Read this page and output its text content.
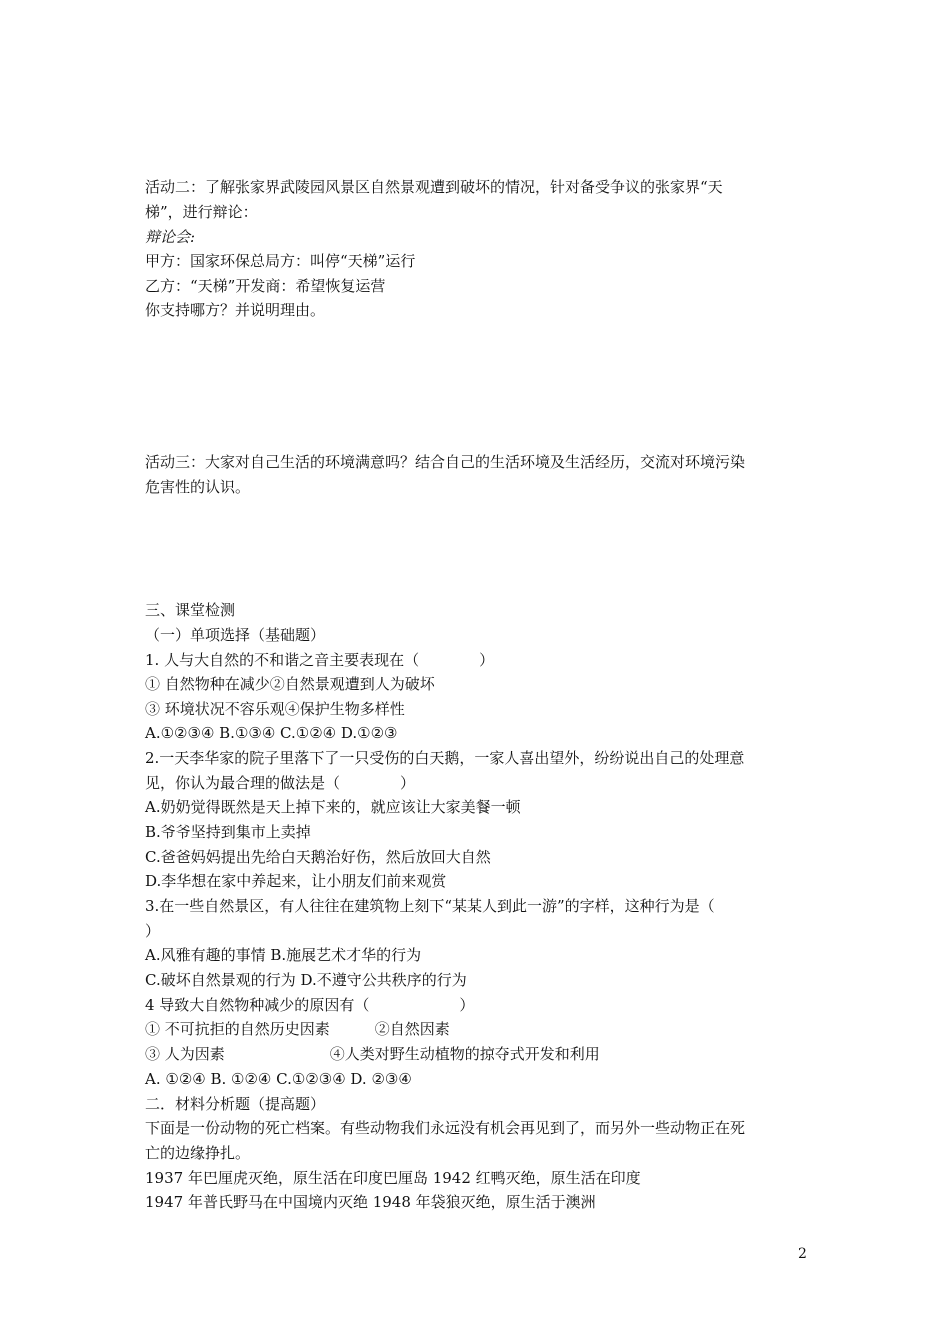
活动二：了解张家界武陵园风景区自然景观遭到破坏的情况，针对备受争议的张家界“天

梯”，进行辩论：

辩论会:

甲方：国家环保总局方：叫停“天梯”运行

乙方：“天梯”开发商：希望恢复运营

你支持哪方？并说明理由。

活动三：大家对自己生活的环境满意吗？结合自己的生活环境及生活经历，交流对环境污染

危害性的认识。

三、课堂检测

（一）单项选择（基础题）

1. 人与大自然的不和谐之音主要表现在（　　　　）

① 自然物种在减少②自然景观遭到人为破坏

③ 环境状况不容乐观④保护生物多样性

A.①②③④ B.①③④ C.①②④ D.①②③

2.一天李华家的院子里落下了一只受伤的白天鹅，一家人喜出望外，纷纷说出自己的处理意

见，你认为最合理的做法是（　　　　）

A.奶奶觉得既然是天上掉下来的，就应该让大家美餐一顿

B.爷爷坚持到集市上卖掉

C.爸爸妈妈提出先给白天鹅治好伤，然后放回大自然

D.李华想在家中养起来，让小朋友们前来观赏

3.在一些自然景区，有人往往在建筑物上刻下“某某人到此一游”的字样，这种行为是（

）

A.风雅有趣的事情 B.施展艺术才华的行为

C.破坏自然景观的行为 D.不遵守公共秩序的行为

4 导致大自然物种减少的原因有（　　　　　　）

① 不可抗拒的自然历史因素　　　②自然因素

③ 人为因素　　　　　　　④人类对野生动植物的掠夺式开发和利用

A. ①②④ B. ①②④ C.①②③④ D. ②③④

二．材料分析题（提高题）

下面是一份动物的死亡档案。有些动物我们永远没有机会再见到了，而另外一些动物正在死

亡的边缘挣扎。

1937 年巴厘虎灭绝，原生活在印度巴厘岛 1942 红鸭灭绝，原生活在印度

1947 年普氏野马在中国境内灭绝 1948 年袋狼灭绝，原生活于澳洲

2
